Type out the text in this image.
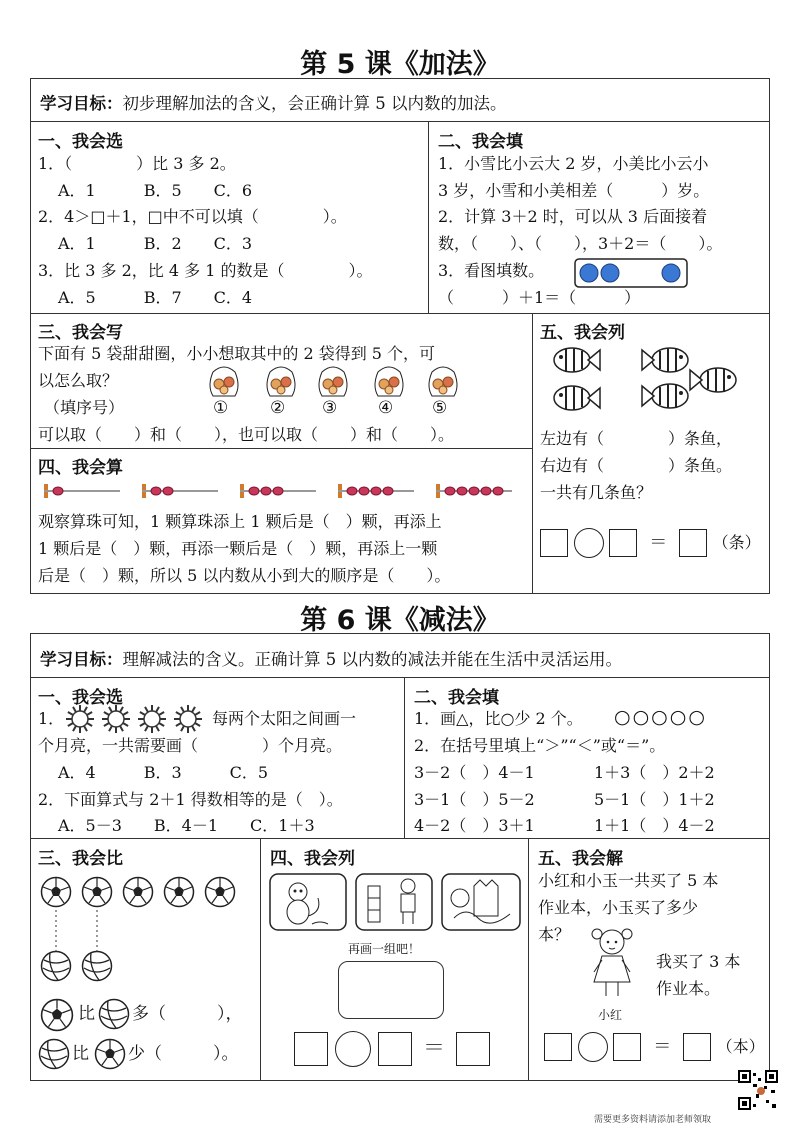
第 5 课《加法》
学习目标：初步理解加法的含义，会正确计算 5 以内数的加法。
一、我会选
1．（　　　　）比 3 多 2。
A．1　　　B．5　　C．6
2．4＞□＋1，□中不可以填（　　　　）。
A．1　　　B．2　　C．3
3．比 3 多 2，比 4 多 1 的数是（　　　　）。
A．5　　　B．7　　C．4
二、我会填
1．小雪比小云大 2 岁，小美比小云小
3 岁，小雪和小美相差（　　　）岁。
2．计算 3＋2 时，可以从 3 后面接着
数，（　　）、（　　），3＋2＝（　　）。
3．看图填数。
（　　　）＋1＝（　　　）
三、我会写
下面有 5 袋甜甜圈，小小想取其中的 2 袋得到 5 个，可
以怎么取？
（填序号）	① ② ③ ④ ⑤
可以取（　　）和（　　），也可以取（　　）和（　　）。
四、我会算
观察算珠可知，1 颗算珠添上 1 颗后是（　）颗，再添上
1 颗后是（　）颗，再添一颗后是（　）颗，再添上一颗
后是（　）颗，所以 5 以内数从小到大的顺序是（　　）。
五、我会列
左边有（　　　　）条鱼，
右边有（　　　　）条鱼。
一共有几条鱼？
＝	（条）
第 6 课《减法》
学习目标：理解减法的含义。正确计算 5 以内数的减法并能在生活中灵活运用。
一、我会选
1．	每两个太阳之间画一
个月亮，一共需要画（　　　　）个月亮。
A．4　　　B．3　　　C．5
2．下面算式与 2＋1 得数相等的是（　）。
A．5－3　　B．4－1　　C．1＋3
二、我会填
1．画△，比○少 2 个。 ○○○○○
2．在括号里填上“＞”“＜”或“＝”。
3－2（　）4－1	1＋3（　）2＋2
3－1（　）5－2	5－1（　）1＋2
4－2（　）3＋1	1＋1（　）4－2
三、我会比
比 多（　　　），
比 少（　　　）。
四、我会列
再画一组吧！
＝
五、我会解
小红和小玉一共买了 5 本
作业本，小玉买了多少
本？
小红
我买了 3 本
作业本。
＝	（本）
需要更多资料请添加老师领取
